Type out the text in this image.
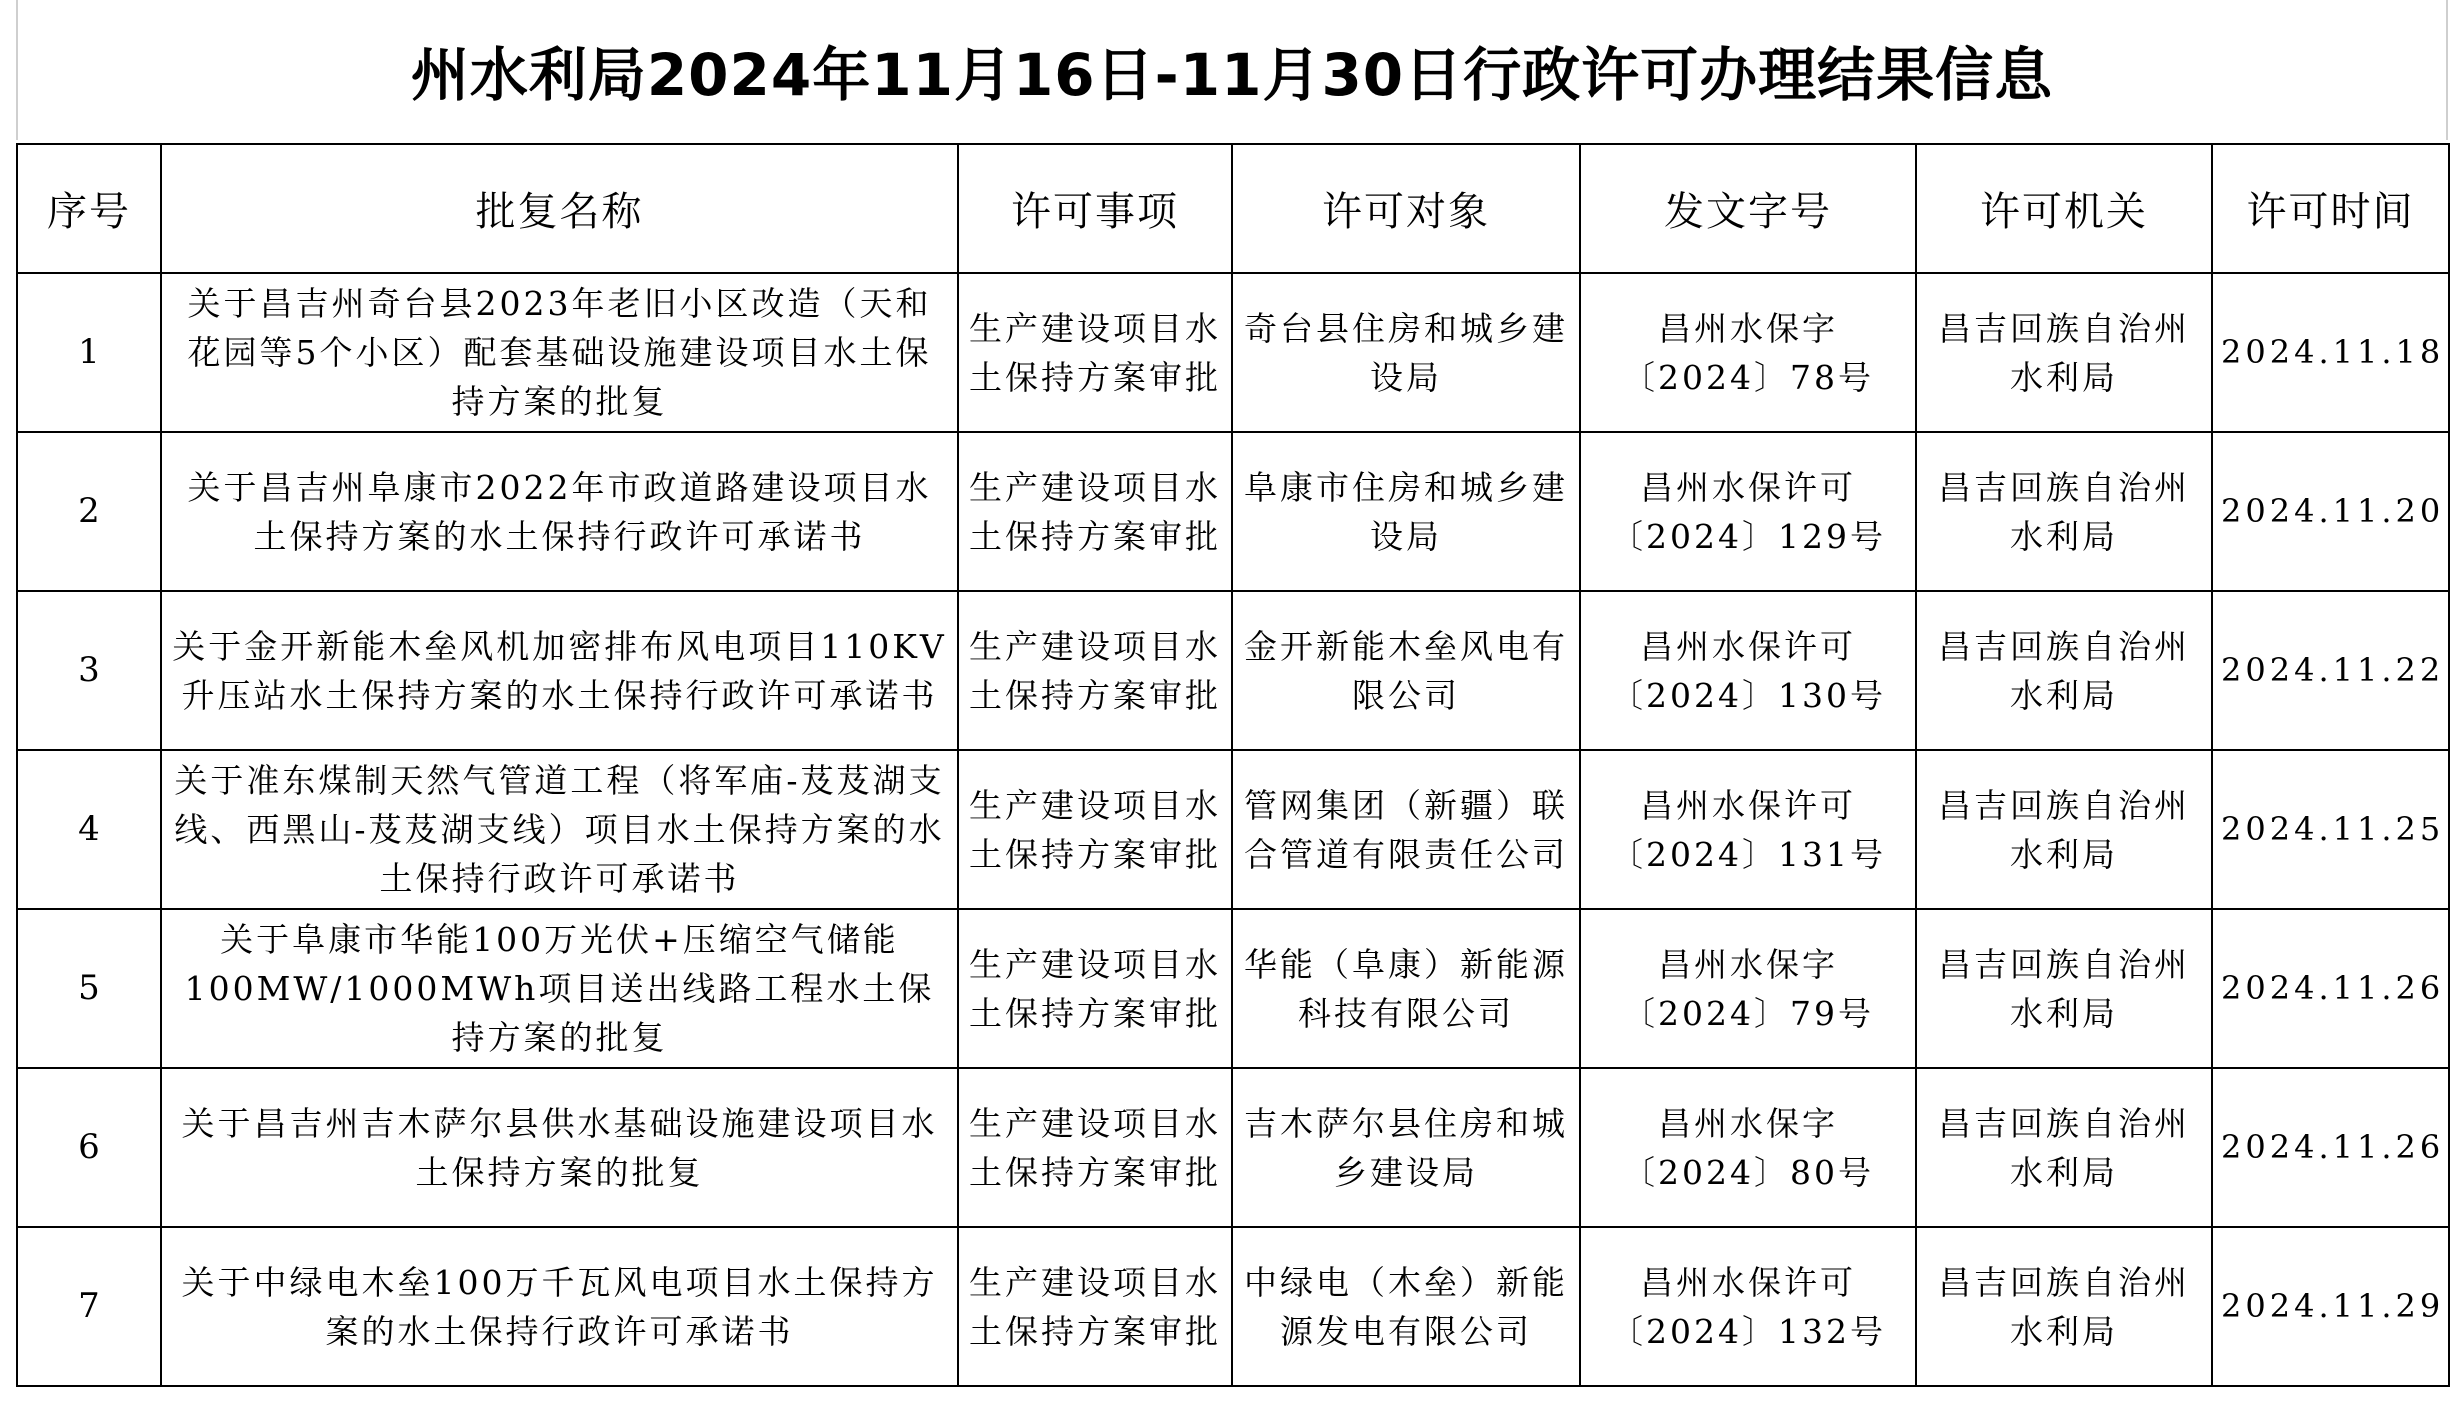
州水利局2024年11月16日-11月30日行政许可办理结果信息
序号	批复名称	许可事项	许可对象	发文字号	许可机关	许可时间
1	关于昌吉州奇台县2023年老旧小区改造（天和花园等5个小区）配套基础设施建设项目水土保持方案的批复	生产建设项目水土保持方案审批	奇台县住房和城乡建设局	昌州水保字〔2024〕78号	昌吉回族自治州水利局	2024.11.18
2	关于昌吉州阜康市2022年市政道路建设项目水土保持方案的水土保持行政许可承诺书	生产建设项目水土保持方案审批	阜康市住房和城乡建设局	昌州水保许可〔2024〕129号	昌吉回族自治州水利局	2024.11.20
3	关于金开新能木垒风机加密排布风电项目110KV升压站水土保持方案的水土保持行政许可承诺书	生产建设项目水土保持方案审批	金开新能木垒风电有限公司	昌州水保许可〔2024〕130号	昌吉回族自治州水利局	2024.11.22
4	关于准东煤制天然气管道工程（将军庙-芨芨湖支线、西黑山-芨芨湖支线）项目水土保持方案的水土保持行政许可承诺书	生产建设项目水土保持方案审批	管网集团（新疆）联合管道有限责任公司	昌州水保许可〔2024〕131号	昌吉回族自治州水利局	2024.11.25
5	关于阜康市华能100万光伏+压缩空气储能100MW/1000MWh项目送出线路工程水土保持方案的批复	生产建设项目水土保持方案审批	华能（阜康）新能源科技有限公司	昌州水保字〔2024〕79号	昌吉回族自治州水利局	2024.11.26
6	关于昌吉州吉木萨尔县供水基础设施建设项目水土保持方案的批复	生产建设项目水土保持方案审批	吉木萨尔县住房和城乡建设局	昌州水保字〔2024〕80号	昌吉回族自治州水利局	2024.11.26
7	关于中绿电木垒100万千瓦风电项目水土保持方案的水土保持行政许可承诺书	生产建设项目水土保持方案审批	中绿电（木垒）新能源发电有限公司	昌州水保许可〔2024〕132号	昌吉回族自治州水利局	2024.11.29
